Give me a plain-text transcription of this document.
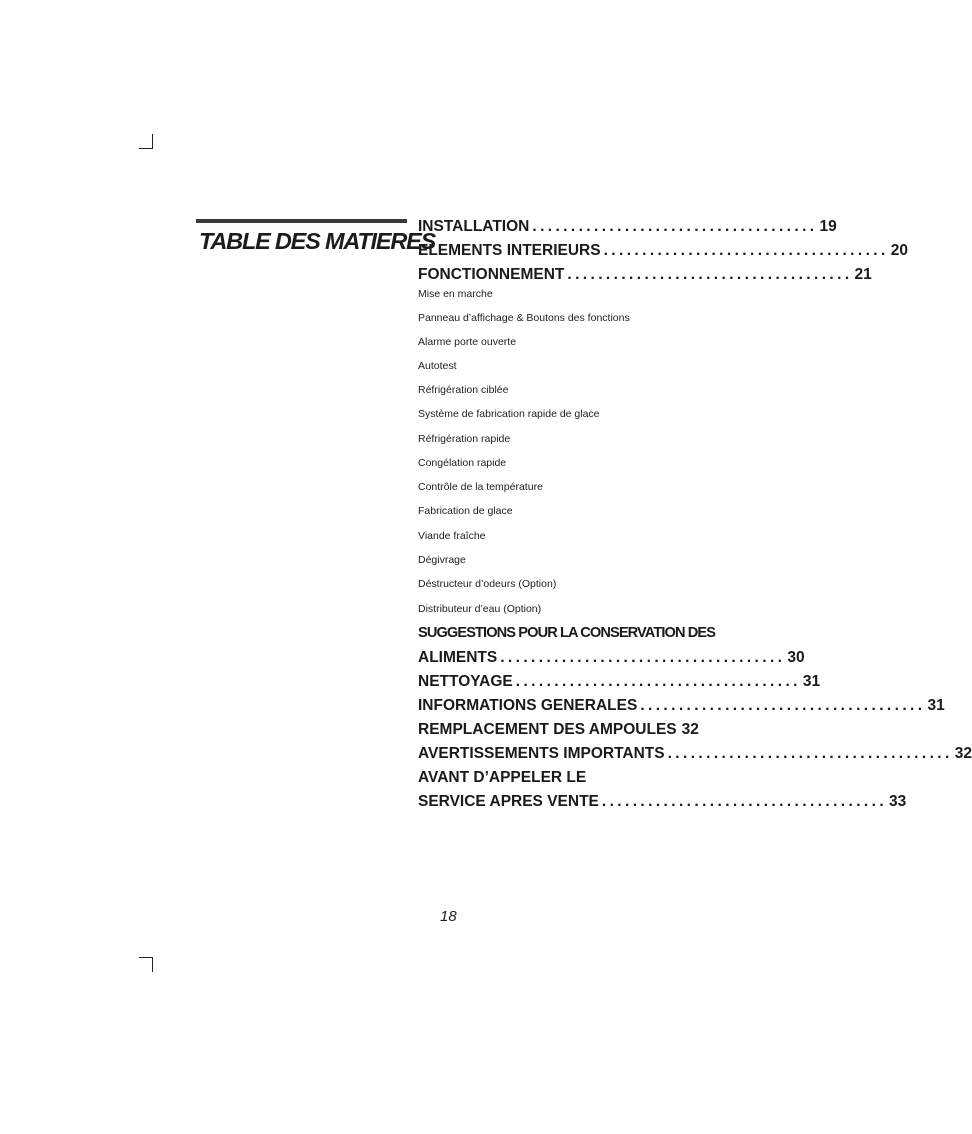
TABLE DES MATIERES
INSTALLATION ..................................... 19
ELEMENTS INTERIEURS ..................................... 20
FONCTIONNEMENT ..................................... 21
Mise en marche
Panneau d’affichage & Boutons des fonctions
Alarme porte ouverte
Autotest
Réfrigération ciblée
Système de fabrication rapide de glace
Réfrigération rapide
Congélation rapide
Contrôle de la température
Fabrication de glace
Viande fraîche
Dégivrage
Déstructeur d’odeurs (Option)
Distributeur d’eau (Option)
SUGGESTIONS POUR LA CONSERVATION DES
ALIMENTS ..................................... 30
NETTOYAGE ..................................... 31
INFORMATIONS GENERALES ..................................... 31
REMPLACEMENT DES AMPOULES 32
AVERTISSEMENTS IMPORTANTS ..................................... 32
AVANT D’APPELER LE
SERVICE APRES VENTE ..................................... 33
18
